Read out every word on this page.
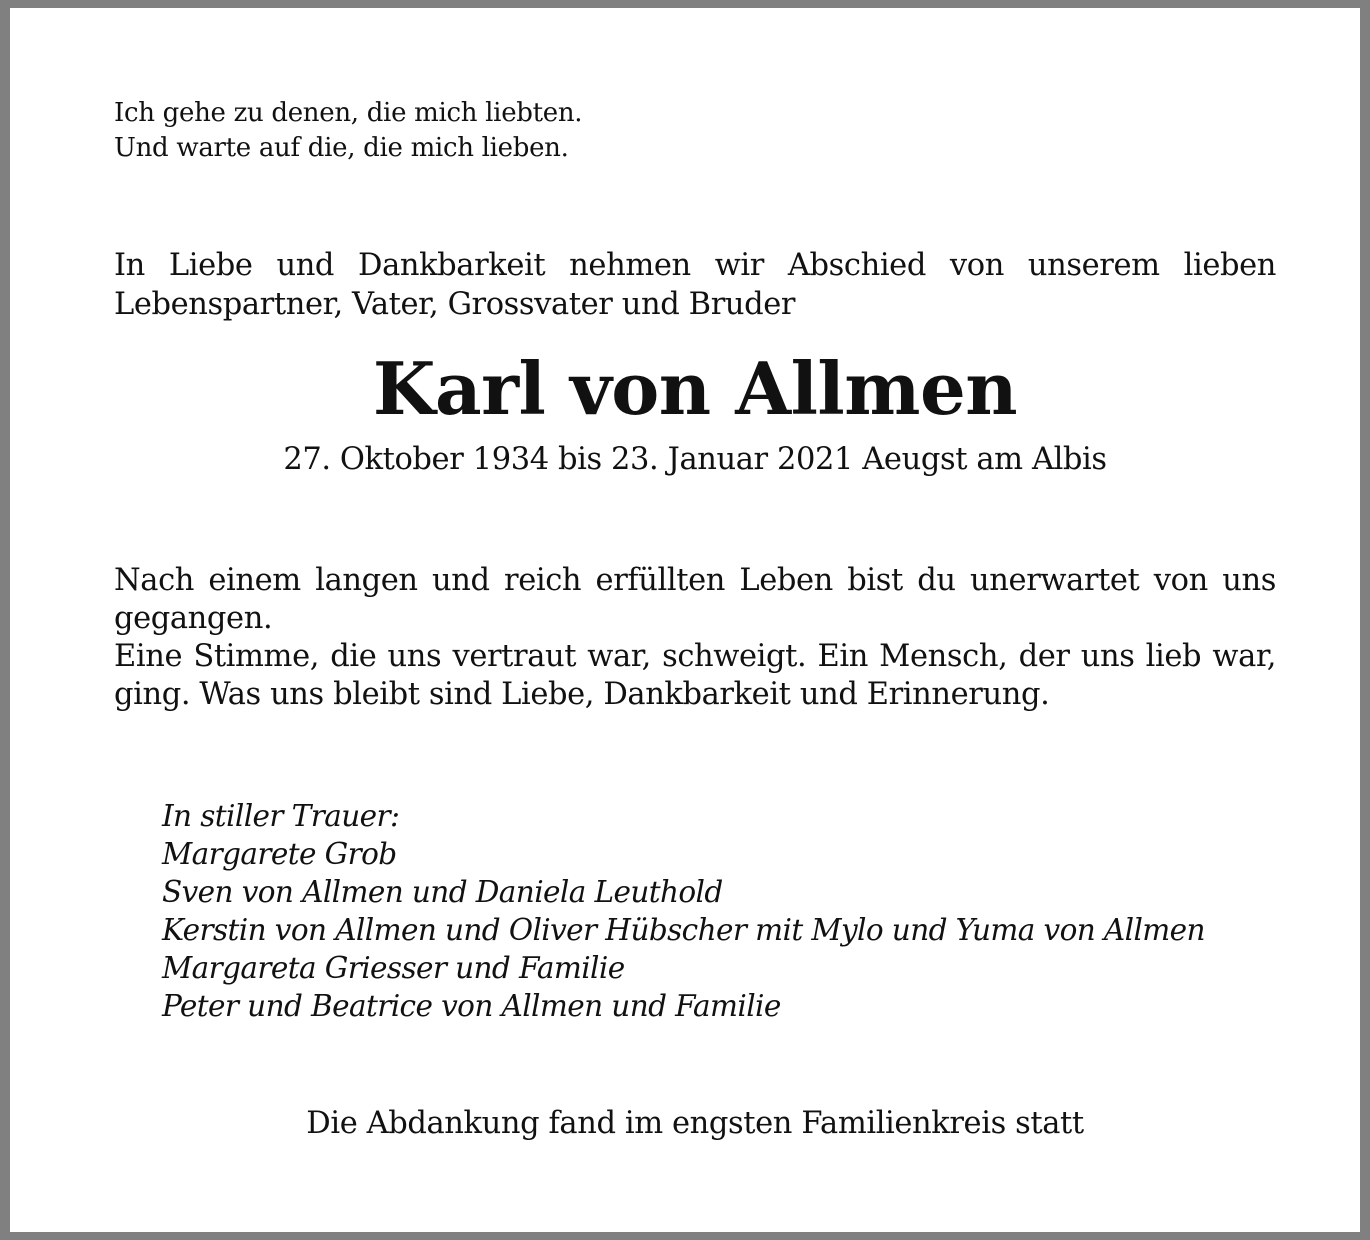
Ich gehe zu denen, die mich liebten.
Und warte auf die, die mich lieben.
In Liebe und Dankbarkeit nehmen wir Abschied von unserem lieben Lebenspartner, Vater, Grossvater und Bruder
Karl von Allmen
27. Oktober 1934 bis 23. Januar 2021 Aeugst am Albis

Nach einem langen und reich erfüllten Leben bist du unerwartet von uns gegangen.

Eine Stimme, die uns vertraut war, schweigt. Ein Mensch, der uns lieb war, ging. Was uns bleibt sind Liebe, Dankbarkeit und Erinnerung.

In stiller Trauer:
Margarete Grob
Sven von Allmen und Daniela Leuthold
Kerstin von Allmen und Oliver Hübscher mit Mylo und Yuma von Allmen
Margareta Griesser und Familie
Peter und Beatrice von Allmen und Familie
Die Abdankung fand im engsten Familienkreis statt
